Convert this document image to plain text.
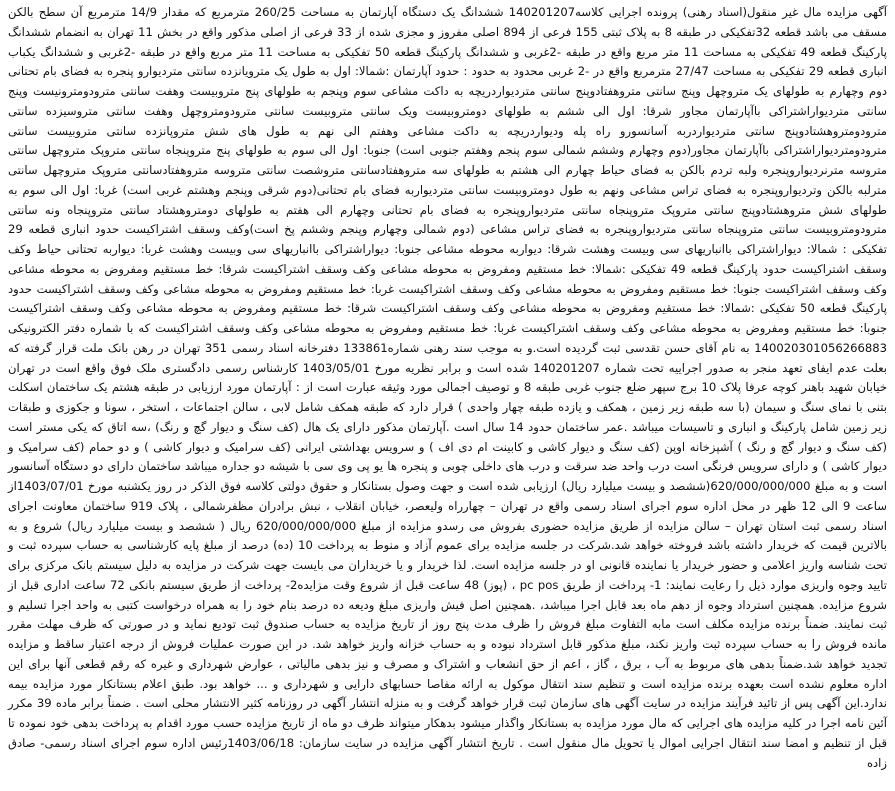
آگهی مزایده مال غیر منقول(اسناد رهنی) پرونده اجرایی کلاسه140201207 ششدانگ یک دستگاه آپارتمان به مساحت 260/25 مترمربع که مقدار 14/9 مترمربع آن سطح بالکن مسقف می باشد قطعه 32تفکیکی در طبقه 8 به پلاک ثبتی 155 فرعی از 894 اصلی مفروز و مجزی شده از 33 فرعی از اصلی مذکور واقع در بخش 11 تهران به انضمام ششدانگ پارکینگ قطعه 49 تفکیکی به مساحت 11 متر مربع واقع در طبقه -2غربی و ششدانگ پارکینگ قطعه 50 تفکیکی به مساحت 11 متر مربع واقع در طبقه -2غربی و ششدانگ یکباب انباری قطعه 29 تفکیکی به مساحت 27/47 مترمربع واقع در -2 غربی محدود به حدود : حدود آپارتمان :شمالا: اول به طول یک مترویانزده سانتی متردیوارو پنجره به فضای بام تحتانی دوم وچهارم به طولهای یک متروچهل وپنج سانتی متروهفتادوپنج سانتی متردیواردریچه به داکت مشاعی سوم وپنجم به طولهای پنج متروبیست وهفت سانتی مترودومترونیست وپنج سانتی متردیواراشتراکی باآپارتمان مجاور شرقا: اول الی ششم به طولهای دومتروبیست ویک سانتی متروبیست سانتی مترودومتروچهل وهفت سانتی متروسیزده سانتی مترودومتروهشتادوپنج سانتی متردیواردربه آسانسورو راه پله ودیواردریچه به داکت مشاعی وهفتم الی نهم به طول های شش متروپانزده سانتی متروبیست سانتی مترودومتردیواراشتراکی باآپارتمان مجاور(دوم وچهارم وششم شمالی سوم پنجم وهفتم جنوبی است) جنوبا: اول الی سوم به طولهای پنج متروپنجاه سانتی متروپک متروچهل سانتی متروسه مترنردیواروپنجره ولبه تردم بالکن به فضای حیاط چهارم الی هشتم به طولهای سه متروهفتادسانتی متروشصت سانتی متروسه متروهفتادسانتی متروپک متروچهل سانتی مترلبه بالکن وتردیواروپنجره به فضای تراس مشاعی ونهم به طول دومتروبیست سانتی متردیواربه فضای بام تحتانی(دوم شرقی وپنجم وهشتم غربی است) غربا: اول الی سوم به طولهای شش متروهشتادوپنج سانتی متروپک متروپنجاه سانتی متردیواروپنجره به فضای بام تحتانی وچهارم الی هفتم به طولهای دومتروهشتاد سانتی متروپنجاه ونه سانتی مترودومتروبیست سانتی متروپنجاه سانتی متردیواروپنجره به فضای تراس مشاعی (دوم شمالی وچهارم وپنجم وششم پخ است)وکف وسقف اشتراکیست حدود انباری قطعه 29 تفکیکی : شمالا: دیواراشتراکی باانباریهای سی وبیست وهشت شرقا: دیواربه محوطه مشاعی جنوبا: دیواراشتراکی باانباریهای سی وبیست وهشت غربا: دیواربه تحتانی حیاط وکف وسقف اشتراکیست حدود پارکینگ قطعه 49 تفکیکی :شمالا: خط مستقیم ومفروض به محوطه مشاعی وکف وسقف اشتراکیست شرقا: خط مستقیم ومفروض به محوطه مشاعی وکف وسقف اشتراکیست جنوبا: خط مستقیم ومفروض به محوطه مشاعی وکف وسقف اشتراکیست غربا: خط مستقیم ومفروض به محوطه مشاعی وکف وسقف اشتراکیست حدود پارکینگ قطعه 50 تفکیکی :شمالا: خط مستقیم ومفروض به محوطه مشاعی وکف وسقف اشتراکیست شرقا: خط مستقیم ومفروض به محوطه مشاعی وکف وسقف اشتراکیست جنوبا: خط مستقیم ومفروض به محوطه مشاعی وکف وسقف اشتراکیست غربا: خط مستقیم ومفروض به محوطه مشاعی وکف وسقف اشتراکیست که با شماره دفتر الکترونیکی 140020301056266883 به نام آقای حسن تقدسی ثبت گردیده است.و به موجب سند رهنی شماره133861 دفترخانه اسناد رسمی 351 تهران در رهن بانک ملت قرار گرفته که بعلت عدم ایفای تعهد منجر به صدور اجراییه تحت شماره 140201207 شده است و برابر نظریه مورخ 1403/05/01 کارشناس رسمی دادگستری ملک فوق واقع است در تهران خیابان شهید باهنر کوچه عرفا پلاک 10 برج سپهر ضلع جنوب غربی طبقه 8 و توصیف اجمالی مورد وثیقه عبارت است از : آپارتمان مورد ارزیابی در طبقه هشتم یک ساختمان اسکلت بتنی با نمای سنگ و سیمان (با سه طبقه زیر زمین ، همکف و یازده طبقه چهار واحدی ) قرار دارد که طبقه همکف شامل لابی ، سالن اجتماعات ، استخر ، سونا و جکوزی و طبقات زیر زمین شامل پارکینگ و انباری و تاسیسات میباشد .عمر ساختمان حدود 14 سال است .آپارتمان مذکور دارای یک هال (کف سنگ و دیوار گچ و رنگ) ،سه اتاق که یکی مستر است (کف سنگ و دیوار گچ و رنگ ) آشپزخانه اوپن (کف سنگ و دیوار کاشی و کابینت ام دی اف ) و سرویس بهداشتی ایرانی (کف سرامیک و دیوار کاشی ) و دو حمام (کف سرامیک و دیوار کاشی ) و دارای سرویس فرنگی است درب واحد ضد سرقت و درب های داخلی چوبی و پنجره ها یو پی وی سی با شیشه دو جداره میباشد ساختمان دارای دو دستگاه آسانسور است و به مبلغ 620/000/000/000(ششصد و بیست میلیارد ریال) ارزیابی شده است و جهت وصول بستانکار و حقوق دولتی کلاسه فوق الذکر در روز یکشنبه مورخ 1403/07/01از ساعت 9 الی 12 ظهر در محل اداره سوم اجرای اسناد رسمی واقع در تهران – چهارراه ولیعصر، خیابان انقلاب ، نبش برادران مظفرشمالی ، پلاک 919 ساختمان معاونت اجرای اسناد رسمی ثبت استان تهران – سالن مزایده از طریق مزایده حضوری بفروش می رسدو مزایده از مبلغ 620/000/000/000 ریال ( ششصد و بیست میلیارد ریال) شروع و به بالاترین قیمت که خریدار داشته باشد فروخته خواهد شد.شرکت در جلسه مزایده برای عموم آزاد و منوط به پرداخت 10 (ده) درصد از مبلغ پایه کارشناسی به حساب سپرده ثبت و تحت شناسه واریز اعلامی و حضور خریدار یا نماینده قانونی او در جلسه مزایده است. لذا خریدار و یا خریداران می بایست جهت شرکت در مزایده به دلیل سیستم بانک مرکزی برای تایید وجوه واریزی موارد ذیل را رعایت نمایند: 1- پرداخت از طریق pc pos ، (پوز) 48 ساعت قبل از شروع وقت مزایده2- پرداخت از طریق سیستم بانکی 72 ساعت اداری قبل از شروع مزایده. همچنین استرداد وجوه از دهم ماه بعد قابل اجرا میباشد، .همچنین اصل فیش واریزی مبلغ ودیعه ده درصد بنام خود را به همراه درخواست کتبی به واحد اجرا تسلیم و ثبت نمایند. ضمناً برنده مزایده مکلف است مابه التفاوت مبلغ فروش را ظرف مدت پنج روز از تاریخ مزایده به حساب صندوق ثبت تودیع نماید و در صورتی که ظرف مهلت مقرر مانده فروش را به حساب سپرده ثبت واریز نکند، مبلغ مذکور قابل استرداد نبوده و به حساب خزانه واریز خواهد شد. در این صورت عملیات فروش از درجه اعتبار ساقط و مزایده تجدید خواهد شد.ضمناً بدهی های مربوط به آب ، برق ، گاز ، اعم از حق انشعاب و اشتراک و مصرف و نیز بدهی مالیاتی ، عوارض شهرداری و غیره که رقم قطعی آنها برای این اداره معلوم نشده است بعهده برنده مزایده است و تنظیم سند انتقال موکول به ارائه مفاصا حسابهای دارایی و شهرداری و ... خواهد بود. طبق اعلام بستانکار مورد مزایده بیمه ندارد.این آگهی پس از تائید فرآیند مزایده در سایت آگهی های سازمان ثبت قرار خواهد گرفت و به منزله انتشار آگهی در روزنامه کثیر الانتشار محلی است . ضمناً برابر ماده 39 مکرر آئین نامه اجرا در کلیه مزایده های اجرایی که مال مورد مزایده به بستانکار واگذار میشود بدهکار میتواند ظرف دو ماه از تاریخ مزایده حسب مورد اقدام به پرداخت بدهی خود نموده تا قبل از تنظیم و امضا سند انتقال اجرایی اموال یا تحویل مال منقول است . تاریخ انتشار آگهی مزایده در سایت سازمان: 1403/06/18رئیس اداره سوم اجرای اسناد رسمی- صادق زاده
